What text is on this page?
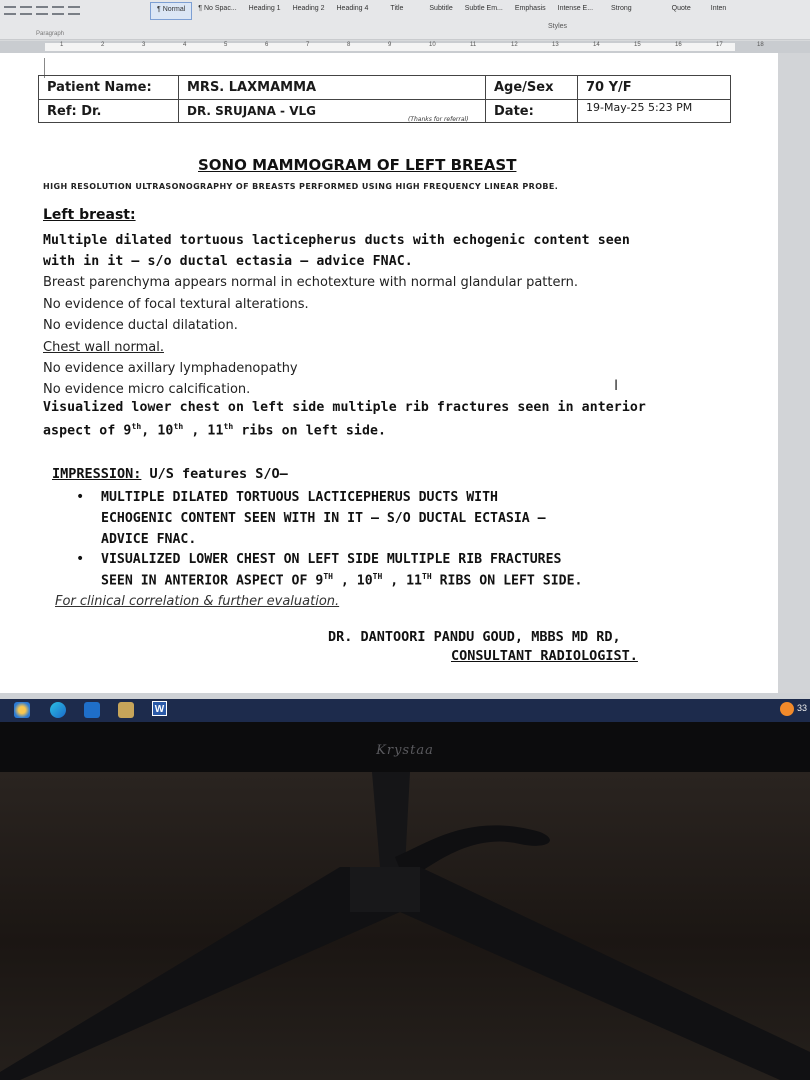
¶ Normal	¶ No Spac...	Heading 1	Heading 2	Heading 4	Title	Subtitle	Subtle Em...	Emphasis	Intense E...	Strong	Quote	Inten
Styles
Paragraph
1	2	3	4	5	6	7	8	9	10	11	12	13	14	15	16	17	18
Patient Name:	MRS. LAXMAMMA	Age/Sex	70 Y/F
Ref: Dr.	DR. SRUJANA - VLG	Date:	19-May-25 5:23 PM
(Thanks for referral)
SONO MAMMOGRAM OF LEFT BREAST
HIGH RESOLUTION ULTRASONOGRAPHY OF BREASTS PERFORMED USING HIGH FREQUENCY LINEAR PROBE.
Left breast:
Multiple dilated tortuous lacticepherus ducts with echogenic content seen
with in it – s/o ductal ectasia – advice FNAC.
Breast parenchyma appears normal in echotexture with normal glandular pattern.
No evidence of focal textural alterations.
No evidence ductal dilatation.
Chest wall normal.
No evidence axillary lymphadenopathy
No evidence micro calcification.	I
Visualized lower chest on left side multiple rib fractures seen in anterior
aspect of 9th, 10th , 11th ribs on left side.
IMPRESSION: U/S features S/O–
• MULTIPLE DILATED TORTUOUS LACTICEPHERUS DUCTS WITH
ECHOGENIC CONTENT SEEN WITH IN IT – S/O DUCTAL ECTASIA –
ADVICE FNAC.
• VISUALIZED LOWER CHEST ON LEFT SIDE MULTIPLE RIB FRACTURES
SEEN IN ANTERIOR ASPECT OF 9TH , 10TH , 11TH RIBS ON LEFT SIDE.
For clinical correlation & further evaluation.
DR. DANTOORI PANDU GOUD, MBBS MD RD,
CONSULTANT RADIOLOGIST.
W	33
Krystaa
